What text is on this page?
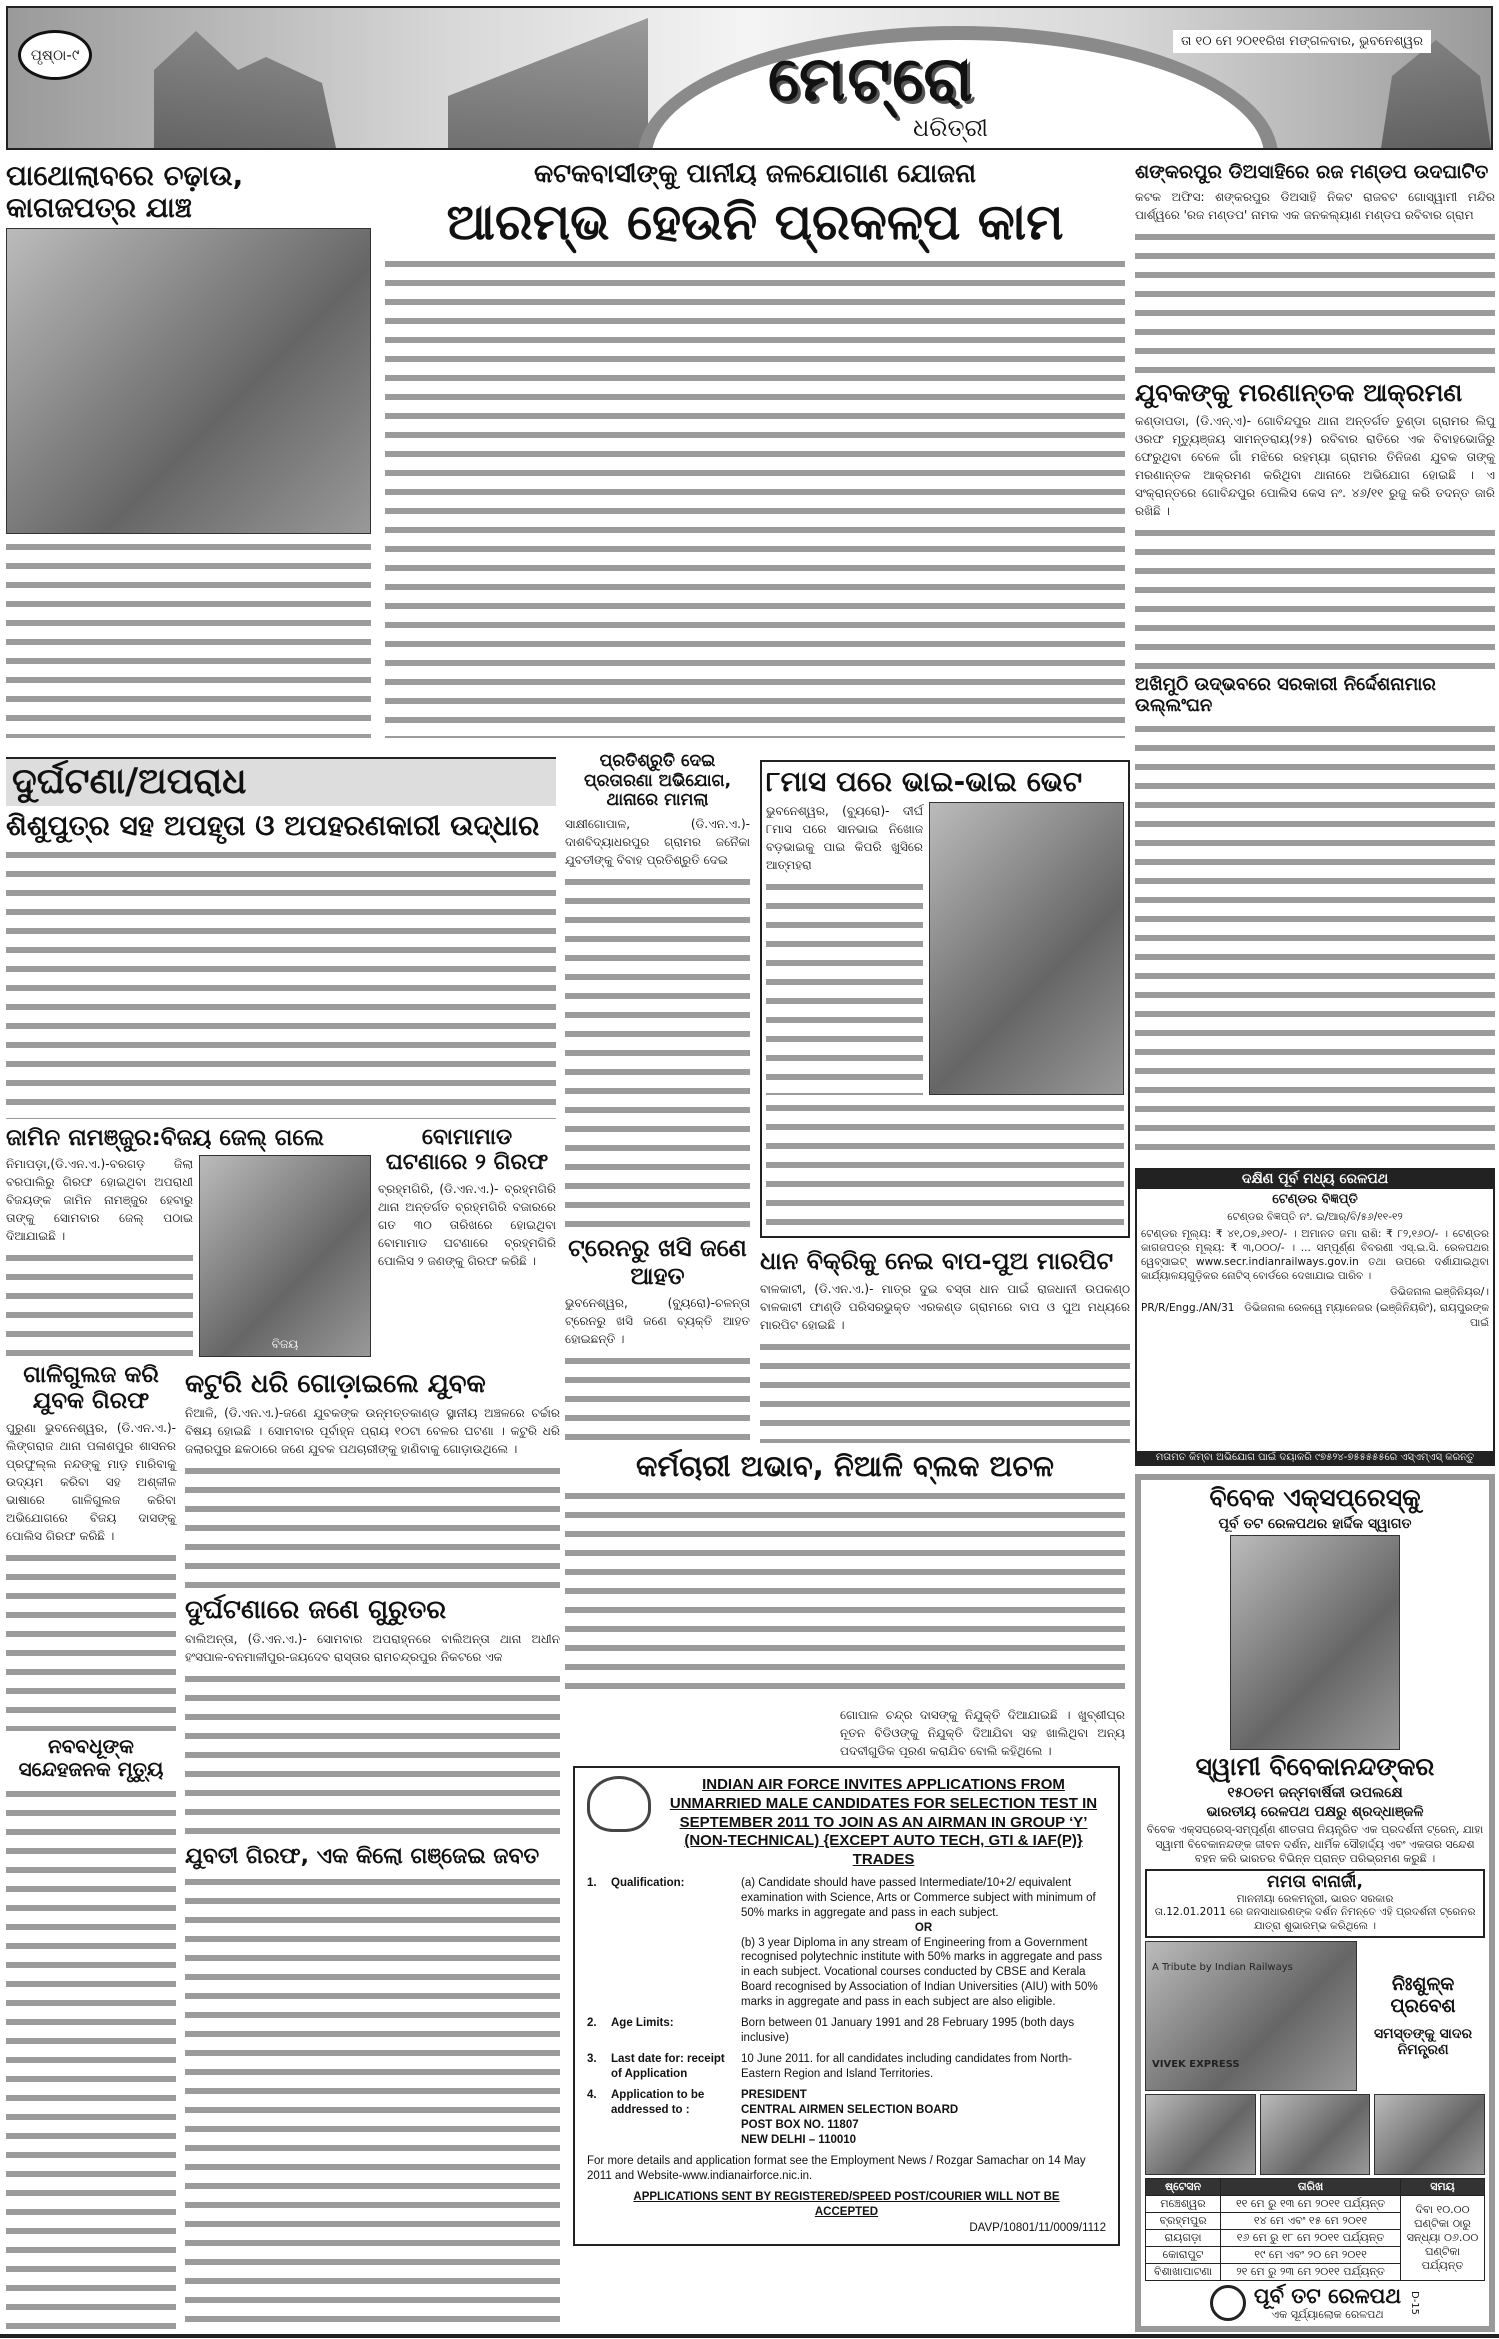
ପୃଷ୍ଠା-୯
ତା ୧୦ ମେ ୨୦୧୧ରିଖ ମଙ୍ଗଳବାର, ଭୁବନେଶ୍ୱର
ମେଟ୍ରୋ
ଧରିତ୍ରୀ
ପାଥୋଲାବରେ ଚଢ଼ାଉ, କାଗଜପତ୍ର ଯାଞ୍ଚ
କଟକବାସୀଙ୍କୁ ପାନୀୟ ଜଳଯୋଗାଣ ଯୋଜନା
ଆରମ୍ଭ ହେଉନି ପ୍ରକଳ୍ପ କାମ
ଶଙ୍କରପୁର ଡିଅସାହିରେ ରଜ ମଣ୍ଡପ ଉଦଘାଟିତ
କଟକ ଅଫିସ: ଶଙ୍କରପୁର ଡିଅସାହି ନିକଟ ରାଜବଟ ଗୋସ୍ୱାମୀ ମନ୍ଦିର ପାର୍ଶ୍ୱରେ 'ରଜ ମଣ୍ଡପ' ନାମକ ଏକ ଜନକଲ୍ୟାଣ ମଣ୍ଡପ ରବିବାର ଗ୍ରାମ
ଯୁବକଙ୍କୁ ମରଣାନ୍ତକ ଆକ୍ରମଣ
କଣ୍ଡାପଡା, (ଡି.ଏନ୍.ଏ)- ଗୋବିନ୍ଦପୁର ଥାନା ଅନ୍ତର୍ଗତ ତୁଣ୍ଡା ଗ୍ରାମର ଲିପୁ ଓରଫ ମୃତ୍ୟୁଞ୍ଜୟ ସାମନ୍ତରାୟ(୨୫) ରବିବାର ରାତିରେ ଏକ ବିବାହଭୋଜିରୁ ଫେରୁଥିବା ବେଳେ ଗାଁ ମଝିରେ ରହମ୍ୟା ଗ୍ରାମର ତିନିଜଣ ଯୁବକ ତାଙ୍କୁ ମରଣାନ୍ତକ ଆକ୍ରମଣ କରିଥିବା ଥାନାରେ ଅଭିଯୋଗ ହୋଇଛି । ଏ ସଂକ୍ରାନ୍ତରେ ଗୋବିନ୍ଦପୁର ପୋଲିସ କେସ ନଂ. ୪୬/୧୧ ରୁଜୁ କରି ତଦନ୍ତ ଜାରି ରଖିଛି ।
ଅଖିମୁଠି ଉଦ୍ଭବରେ ସରକାରୀ ନିର୍ଦ୍ଦେଶନାମାର ଉଲ୍ଲଂଘନ
ଦକ୍ଷିଣ ପୂର୍ବ ମଧ୍ୟ ରେଳପଥ
ଟେଣ୍ଡର ବିଜ୍ଞପ୍ତି
ଟେଣ୍ଡର ବିଜ୍ଞପ୍ତି ନଂ. ଇ/ଆର୍/ବି/୫୬/୧୧-୧୨
ଟେଣ୍ଡର ମୂଲ୍ୟ: ₹ ୪୧,୦୭,୬୧୦/- । ଅମାନତ ଜମା ରାଶି: ₹ ୮୨,୧୬୦/- । ଟେଣ୍ଡର କାଗଜପତ୍ର ମୂଲ୍ୟ: ₹ ୩,୦୦୦/- । ... ସମ୍ପୂର୍ଣ୍ଣ ବିବରଣୀ ଏସ୍.ଇ.ସି. ରେଳପଥର ୱେବ୍‌ସାଇଟ୍ www.secr.indianrailways.gov.in ତଥା ଉପରେ ଦର୍ଶାଯାଇଥିବା କାର୍ଯ୍ୟାଳୟଗୁଡ଼ିକର ନୋଟିସ୍ ବୋର୍ଡରେ ଦେଖାଯାଇ ପାରିବ ।
ଡିଭିଜନାଲ ଇଞ୍ଜିନିୟର/।
PR/R/Engg./AN/31 ଡିଭିଜନାଲ ରେଳୱେ ମ୍ୟାନେଜର (ଇଞ୍ଜିନିୟରିଂ), ରାୟପୁରଙ୍କ ପାଇଁ
ମତାମତ କିମ୍ବା ଅଭିଯୋଗ ପାଇଁ ଦୟାକରି ୯୭୫୨୪-୭୫୫୫୫୫ରେ ଏସ୍ଏମ୍ଏସ୍ କରନ୍ତୁ
ବିବେକ ଏକ୍ସପ୍ରେସ୍‌କୁ
ପୂର୍ବ ତଟ ରେଳପଥର ହାର୍ଦ୍ଦିକ ସ୍ୱାଗତ
ସ୍ୱାମୀ ବିବେକାନନ୍ଦଙ୍କର
୧୫୦ତମ ଜନ୍ମବାର୍ଷିକୀ ଉପଲକ୍ଷେ
ଭାରତୀୟ ରେଳପଥ ପକ୍ଷରୁ ଶ୍ରଦ୍ଧାଞ୍ଜଳି
ବିବେକ ଏକ୍ସପ୍ରେସ୍-ସମ୍ପୂର୍ଣ୍ଣ ଶୀତତାପ ନିୟନ୍ତ୍ରିତ ଏକ ପ୍ରଦର୍ଶନୀ ଟ୍ରେନ୍, ଯାହା ସ୍ୱାମୀ ବିବେକାନନ୍ଦଙ୍କ ଜୀବନ ଦର୍ଶନ, ଧାର୍ମିକ ସୌହାର୍ଦ୍ଦ୍ୟ ଏବଂ ଏକତାର ସନ୍ଦେଶ ବହନ କରି ଭାରତର ବିଭିନ୍ନ ପ୍ରାନ୍ତ ପରିଭ୍ରମଣ କରୁଛି ।
ମମତା ବାନାର୍ଜୀ,
ମାନନୀୟା ରେଳମନ୍ତ୍ରୀ, ଭାରତ ସରକାର
ତା.12.01.2011 ରେ ଜନସାଧାରଣଙ୍କ ଦର୍ଶନ ନିମନ୍ତେ ଏହି ପ୍ରଦର୍ଶନୀ ଟ୍ରେନର ଯାତ୍ରା ଶୁଭାରମ୍ଭ କରିଥିଲେ ।
A Tribute by Indian Railways
VIVEK EXPRESS
ନିଃଶୁଳ୍କ ପ୍ରବେଶ
ସମସ୍ତଙ୍କୁ ସାଦର ନିମନ୍ତ୍ରଣ
ଷ୍ଟେସନ	ତାରିଖ	ସମୟ
ମଞ୍ଚେଶ୍ୱର	୧୧ ମେ ରୁ ୧୩ ମେ ୨୦୧୧ ପର୍ଯ୍ୟନ୍ତ	ଦିବା ୧୦.୦୦ ଘଣ୍ଟିକା ଠାରୁ ସନ୍ଧ୍ୟା ୦୬.୦୦ ଘଣ୍ଟିକା ପର୍ଯ୍ୟନ୍ତ
ବ୍ରହ୍ମପୁର	୧୪ ମେ ଏବଂ ୧୫ ମେ ୨୦୧୧	
ରାୟଗଡ଼ା	୧୬ ମେ ରୁ ୧୮ ମେ ୨୦୧୧ ପର୍ଯ୍ୟନ୍ତ	
କୋରାପୁଟ	୧୯ ମେ ଏବଂ ୨୦ ମେ ୨୦୧୧	
ବିଶାଖାପାଟଣା	୨୧ ମେ ରୁ ୨୩ ମେ ୨୦୧୧ ପର୍ଯ୍ୟନ୍ତ	
ପୂର୍ବ ତଟ ରେଳପଥ
ଏକ ସୂର୍ଯ୍ୟାଲୋକ ରେଳପଥ	D-15
ଦୁର୍ଘଟଣା/ଅପରାଧ
ଶିଶୁପୁତ୍ର ସହ ଅପହୃତା ଓ ଅପହରଣକାରୀ ଉଦ୍ଧାର
ଜାମିନ ନାମଞ୍ଜୁର:ବିଜୟ ଜେଲ୍ ଗଲେ
ନିମାପଡ଼ା,(ଡି.ଏନ.ଏ.)-ବରଗଡ଼ ଜିଲା ବରପାଲିରୁ ଗିରଫ ହୋଇଥିବା ଅପରାଧୀ ବିଜୟଙ୍କ ଜାମିନ ନାମଞ୍ଜୁର ହେବାରୁ ତାଙ୍କୁ ସୋମବାର ଜେଲ୍ ପଠାଇ ଦିଆଯାଇଛି ।
ବିଜୟ
ବୋମାମାଡ ଘଟଣାରେ ୨ ଗିରଫ
ବ୍ରହ୍ମଗିରି, (ଡି.ଏନ.ଏ.)- ବ୍ରହ୍ମଗିରି ଥାନା ଅନ୍ତର୍ଗତ ବ୍ରହ୍ମଗିରି ବଜାରରେ ଗତ ୩୦ ତାରିଖରେ ହୋଇଥିବା ବୋମାମାଡ ଘଟଣାରେ ବ୍ରହ୍ମଗିରି ପୋଲିସ ୨ ଜଣଙ୍କୁ ଗିରଫ କରିଛି ।
ପ୍ରତିଶ୍ରୁତି ଦେଇ ପ୍ରତାରଣା ଅଭିଯୋଗ, ଥାନାରେ ମାମଲା
ସାକ୍ଷୀଗୋପାଳ, (ଡି.ଏନ.ଏ.)- ଦାଶବିଦ୍ୟାଧରପୁର ଗ୍ରାମର ଜନୈକା ଯୁବତୀଙ୍କୁ ବିବାହ ପ୍ରତିଶ୍ରୁତି ଦେଇ
ଟ୍ରେନରୁ ଖସି ଜଣେ ଆହତ
ଭୁବନେଶ୍ୱର, (ବ୍ୟୁରୋ)-ଚଳନ୍ତା ଟ୍ରେନରୁ ଖସି ଜଣେ ବ୍ୟକ୍ତି ଆହତ ହୋଇଛନ୍ତି ।
୮ମାସ ପରେ ଭାଇ-ଭାଇ ଭେଟ
ଭୁବନେଶ୍ୱର, (ବ୍ୟୁରୋ)- ଦୀର୍ଘ ୮ମାସ ପରେ ସାନଭାଇ ନିଖୋଜ ବଡ଼ଭାଇକୁ ପାଇ କିପରି ଖୁସିରେ ଆତ୍ମହରା
ଧାନ ବିକ୍ରିକୁ ନେଇ ବାପ-ପୁଅ ମାରପିଟ
ବାଳକାଟୀ, (ଡି.ଏନ.ଏ.)- ମାତ୍ର ଦୁଇ ବସ୍ତା ଧାନ ପାଇଁ ରାଜଧାନୀ ଉପକଣ୍ଠ ବାଳକାଟୀ ଫାଣ୍ଡି ପରିସରଭୁକ୍ତ ଏରକଣ୍ଡ ଗ୍ରାମରେ ବାପ ଓ ପୁଅ ମଧ୍ୟରେ ମାରପିଟ ହୋଇଛି ।
କର୍ମଚାରୀ ଅଭାବ, ନିଆଳି ବ୍ଲକ ଅଚଳ
ଗୋପାଳ ଚନ୍ଦ୍ର ଦାସଙ୍କୁ ନିଯୁକ୍ତି ଦିଆଯାଇଛି । ଖୁବ୍‌ଶୀଘ୍ର ନୂତନ ବିଡିଓଙ୍କୁ ନିଯୁକ୍ତି ଦିଆଯିବା ସହ ଖାଲିଥିବା ଅନ୍ୟ ପଦବୀଗୁଡିକ ପୂରଣ କରାଯିବ ବୋଲି କହିଥିଲେ ।
ଗାଳିଗୁଲଜ କରି ଯୁବକ ଗିରଫ
ପୁରୁଣା ଭୁବନେଶ୍ୱର, (ଡି.ଏନ.ଏ.)- ଲିଙ୍ଗରାଜ ଥାନା ପଳାଶପୁର ଶାସନର ପ୍ରଫୁଲ୍ଲ ନନ୍ଦଙ୍କୁ ମାଡ଼ ମାରିବାକୁ ଉଦ୍ୟମ କରିବା ସହ ଅଶ୍ଳୀଳ ଭାଷାରେ ଗାଳିଗୁଲଜ କରିବା ଅଭିଯୋଗରେ ବିଜୟ ଦାସଙ୍କୁ ପୋଲିସ ଗିରଫ କରିଛି ।
ନବବଧୂଙ୍କ ସନ୍ଦେହଜନକ ମୃତ୍ୟୁ
କଟୁରି ଧରି ଗୋଡ଼ାଇଲେ ଯୁବକ
ନିଆଳି, (ଡି.ଏନ.ଏ.)-ଜଣେ ଯୁବକଙ୍କ ଉନ୍ମତ୍ତକାଣ୍ଡ ସ୍ଥାନୀୟ ଅଞ୍ଚଳରେ ଚର୍ଚ୍ଚାର ବିଷୟ ହୋଇଛି । ସୋମବାର ପୂର୍ବାହ୍ନ ପ୍ରାୟ ୧୦ଟା ବେଳର ଘଟଣା । କଟୁରି ଧରି ଜଲାରପୁର ଛକଠାରେ ଜଣେ ଯୁବକ ପଥଚାରୀଙ୍କୁ ହାଣିବାକୁ ଗୋଡ଼ାଉଥିଲେ ।
ଦୁର୍ଘଟଣାରେ ଜଣେ ଗୁରୁତର
ବାଲିଅନ୍ତା, (ଡି.ଏନ.ଏ.)- ସୋମବାର ଅପରାହ୍ନରେ ବାଲିଅନ୍ତା ଥାନା ଅଧୀନ ହଂସପାଳ-ବନମାଳୀପୁର-ଜୟଦେବ ରାସ୍ତାର ରାମଚନ୍ଦ୍ରପୁର ନିକଟରେ ଏକ
ଯୁବତୀ ଗିରଫ, ଏକ କିଲୋ ଗଞ୍ଜେଇ ଜବତ
INDIAN AIR FORCE INVITES APPLICATIONS FROM UNMARRIED MALE CANDIDATES FOR SELECTION TEST IN SEPTEMBER 2011 TO JOIN AS AN AIRMAN IN GROUP ‘Y’ (NON-TECHNICAL) {EXCEPT AUTO TECH, GTI & IAF(P)} TRADES
1.	Qualification:	(a) Candidate should have passed Intermediate/10+2/ equivalent examination with Science, Arts or Commerce subject with minimum of 50% marks in aggregate and pass in each subject.
OR
(b) 3 year Diploma in any stream of Engineering from a Government recognised polytechnic institute with 50% marks in aggregate and pass in each subject. Vocational courses conducted by CBSE and Kerala Board recognised by Association of Indian Universities (AIU) with 50% marks in aggregate and pass in each subject are also eligible.
2.	Age Limits:	Born between 01 January 1991 and 28 February 1995 (both days inclusive)
3.	Last date for: receipt of Application
10 June 2011. for all candidates including candidates from North-Eastern Region and Island Territories.
4.	Application to be addressed to :
PRESIDENT
CENTRAL AIRMEN SELECTION BOARD
POST BOX NO. 11807
NEW DELHI – 110010
For more details and application format see the Employment News / Rozgar Samachar on 14 May 2011 and Website-www.indianairforce.nic.in.
APPLICATIONS SENT BY REGISTERED/SPEED POST/COURIER WILL NOT BE ACCEPTED
DAVP/10801/11/0009/1112
